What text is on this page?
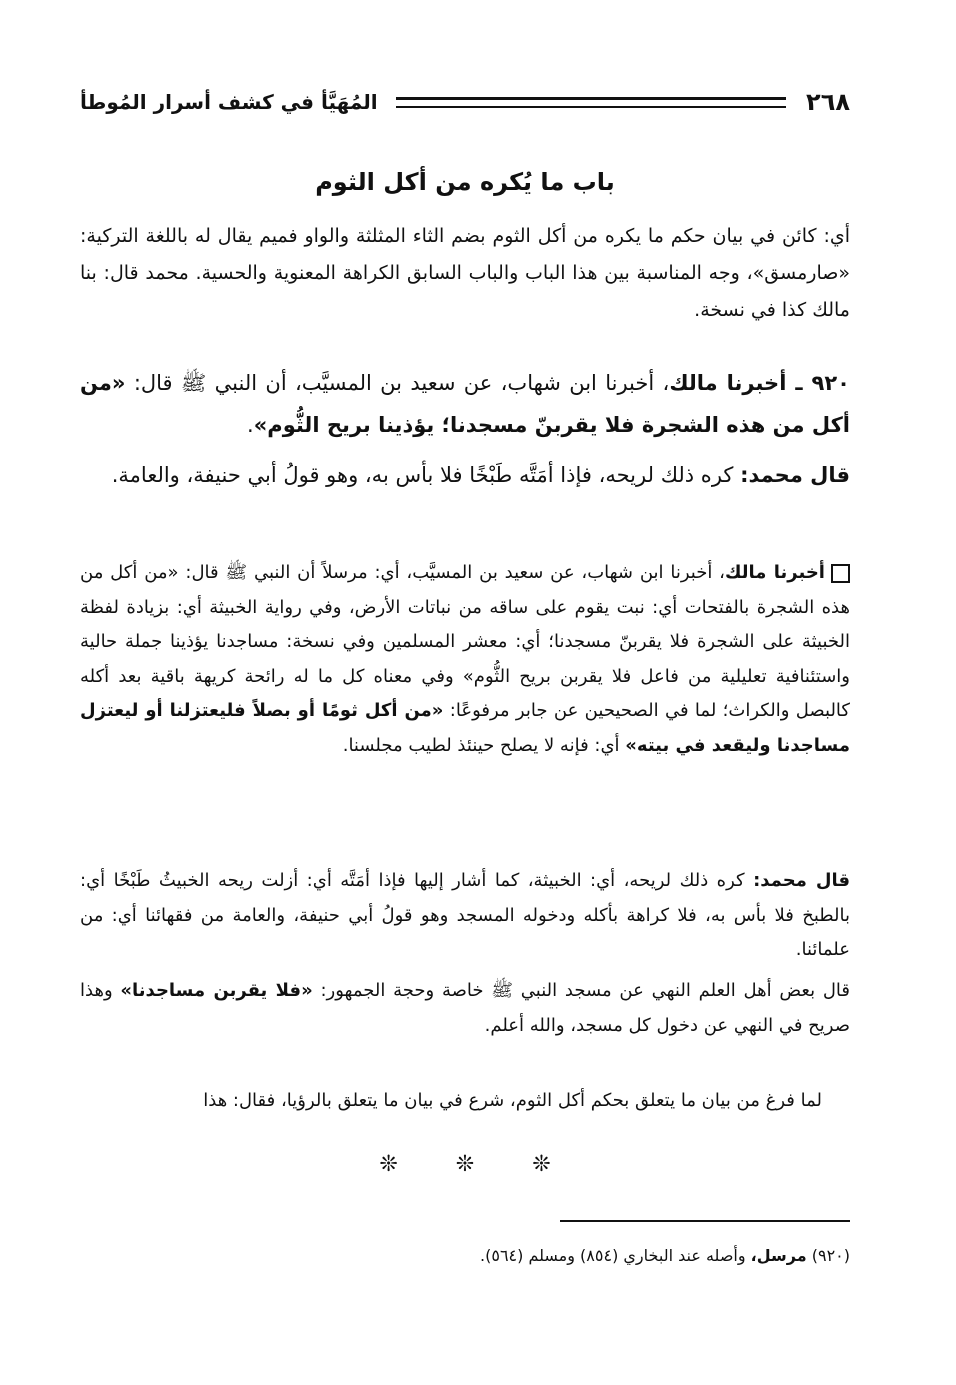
٢٦٨
المُهَيَّأ في كشف أسرار المُوطأ
باب ما يُكره من أكل الثوم
أي: كائن في بيان حكم ما يكره من أكل الثوم بضم الثاء المثلثة والواو فميم يقال له باللغة التركية: «صارمسق»، وجه المناسبة بين هذا الباب والباب السابق الكراهة المعنوية والحسية. محمد قال: بنا مالك كذا في نسخة.
٩٢٠ ـ أخبرنا مالك، أخبرنا ابن شهاب، عن سعيد بن المسيَّب، أن النبي ﷺ قال: «من أكل من هذه الشجرة فلا يقربنّ مسجدنا؛ يؤذينا بريح الثُّوم».
قال محمد: كره ذلك لريحه، فإذا أمَتَّه طَبْخًا فلا بأس به، وهو قولُ أبي حنيفة، والعامة.
أخبرنا مالك، أخبرنا ابن شهاب، عن سعيد بن المسيَّب، أي: مرسلاً أن النبي ﷺ قال: «من أكل من هذه الشجرة بالفتحات أي: نبت يقوم على ساقه من نباتات الأرض، وفي رواية الخبيثة أي: بزيادة لفظة الخبيثة على الشجرة فلا يقربنّ مسجدنا؛ أي: معشر المسلمين وفي نسخة: مساجدنا يؤذينا جملة حالية واستئنافية تعليلية من فاعل فلا يقربن بريح الثُّوم» وفي معناه كل ما له رائحة كريهة باقية بعد أكله كالبصل والكراث؛ لما في الصحيحين عن جابر مرفوعًا: «من أكل ثومًا أو بصلاً فليعتزلنا أو ليعتزل مساجدنا وليقعد في بيته» أي: فإنه لا يصلح حينئذ لطيب مجلسنا.
قال محمد: كره ذلك لريحه، أي: الخبيثة، كما أشار إليها فإذا أمَتَّه أي: أزلت ريحه الخبيثُ طَبْخًا أي: بالطبخ فلا بأس به، فلا كراهة بأكله ودخوله المسجد وهو قولُ أبي حنيفة، والعامة من فقهائنا أي: من علمائنا.
قال بعض أهل العلم النهي عن مسجد النبي ﷺ خاصة وحجة الجمهور: «فلا يقربن مساجدنا» وهذا صريح في النهي عن دخول كل مسجد، والله أعلم.
لما فرغ من بيان ما يتعلق بحكم أكل الثوم، شرع في بيان ما يتعلق بالرؤيا، فقال: هذا
❊
❊
❊
(٩٢٠) مرسل، وأصله عند البخاري (٨٥٤) ومسلم (٥٦٤).
